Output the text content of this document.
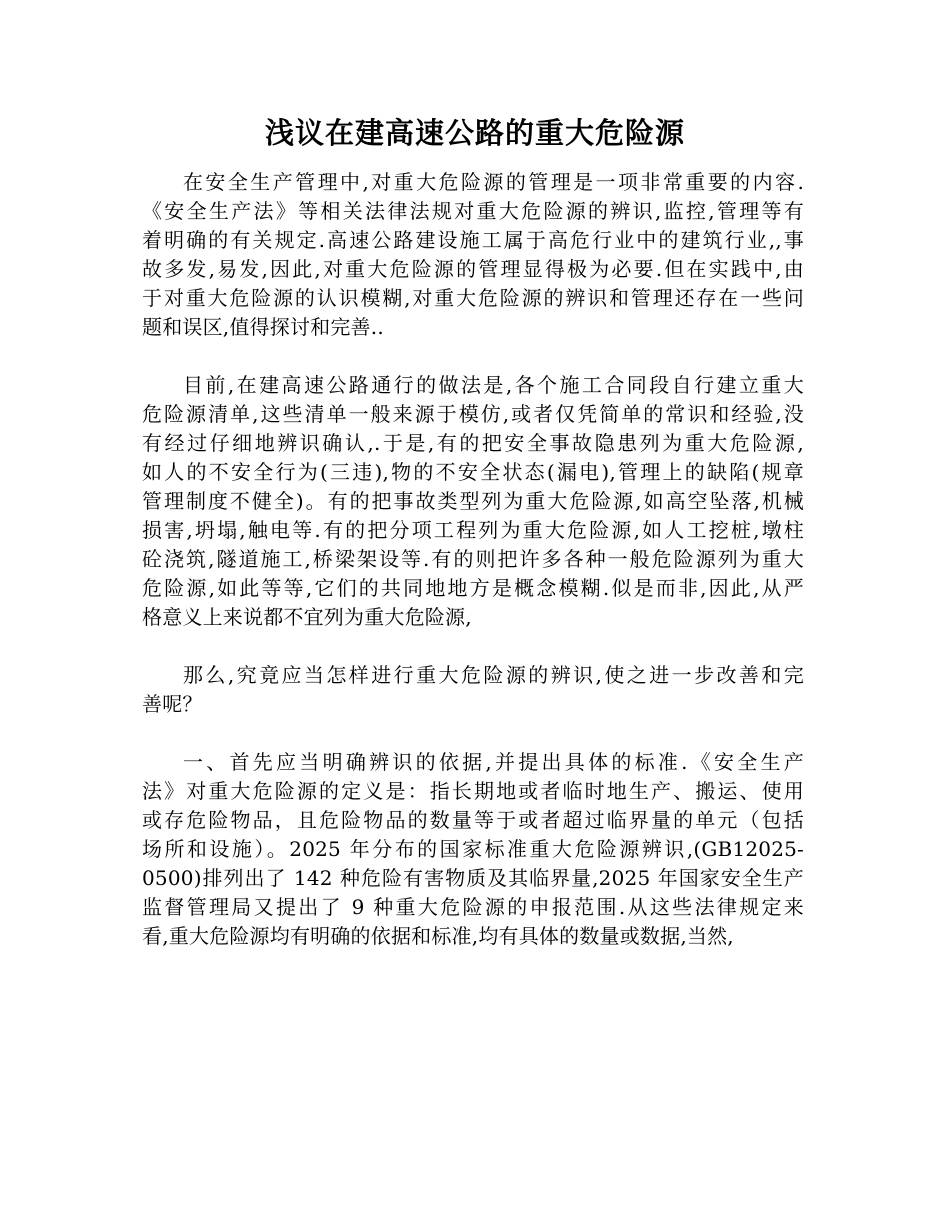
浅议在建高速公路的重大危险源
在安全生产管理中,对重大危险源的管理是一项非常重要的内容.
《安全生产法》等相关法律法规对重大危险源的辨识,监控,管理等有
着明确的有关规定.高速公路建设施工属于高危行业中的建筑行业,,事
故多发,易发,因此,对重大危险源的管理显得极为必要.但在实践中,由
于对重大危险源的认识模糊,对重大危险源的辨识和管理还存在一些问
题和误区,值得探讨和完善..
目前,在建高速公路通行的做法是,各个施工合同段自行建立重大
危险源清单,这些清单一般来源于模仿,或者仅凭简单的常识和经验,没
有经过仔细地辨识确认,.于是,有的把安全事故隐患列为重大危险源,
如人的不安全行为(三违),物的不安全状态(漏电),管理上的缺陷(规章
管理制度不健全)。有的把事故类型列为重大危险源,如高空坠落,机械
损害,坍塌,触电等.有的把分项工程列为重大危险源,如人工挖桩,墩柱
砼浇筑,隧道施工,桥梁架设等.有的则把许多各种一般危险源列为重大
危险源,如此等等,它们的共同地地方是概念模糊.似是而非,因此,从严
格意义上来说都不宜列为重大危险源,
那么,究竟应当怎样进行重大危险源的辨识,使之进一步改善和完
善呢？
一、首先应当明确辨识的依据,并提出具体的标准.《安全生产
法》对重大危险源的定义是：指长期地或者临时地生产、搬运、使用
或存危险物品，且危险物品的数量等于或者超过临界量的单元（包括
场所和设施）。2025 年分布的国家标准重大危险源辨识,(GB12025-
0500)排列出了 142 种危险有害物质及其临界量,2025 年国家安全生产
监督管理局又提出了 9 种重大危险源的申报范围.从这些法律规定来
看,重大危险源均有明确的依据和标准,均有具体的数量或数据,当然,
